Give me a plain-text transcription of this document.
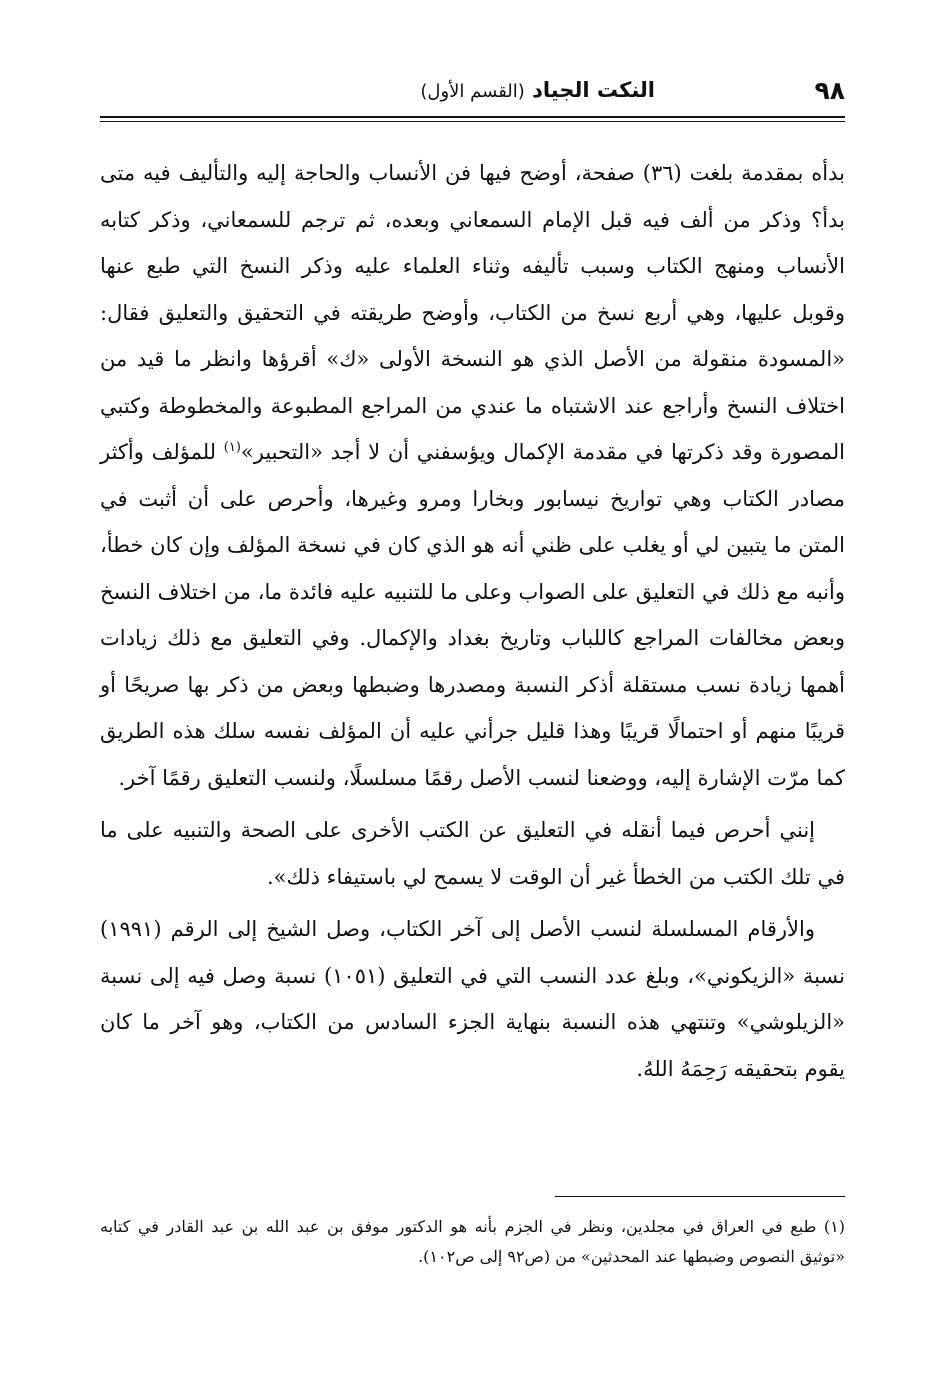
٩٨
النكت الجياد (القسم الأول)

بدأه بمقدمة بلغت (٣٦) صفحة، أوضح فيها فن الأنساب والحاجة إليه والتأليف فيه متى بدأ؟ وذكر من ألف فيه قبل الإمام السمعاني وبعده، ثم ترجم للسمعاني، وذكر كتابه الأنساب ومنهج الكتاب وسبب تأليفه وثناء العلماء عليه وذكر النسخ التي طبع عنها وقوبل عليها، وهي أربع نسخ من الكتاب، وأوضح طريقته في التحقيق والتعليق فقال: «المسودة منقولة من الأصل الذي هو النسخة الأولى «ك» أقرؤها وانظر ما قيد من اختلاف النسخ وأراجع عند الاشتباه ما عندي من المراجع المطبوعة والمخطوطة وكتبي المصورة وقد ذكرتها في مقدمة الإكمال ويؤسفني أن لا أجد «التحبير»$^{(١)}$ للمؤلف وأكثر مصادر الكتاب وهي تواريخ نيسابور وبخارا ومرو وغيرها، وأحرص على أن أثبت في المتن ما يتبين لي أو يغلب على ظني أنه هو الذي كان في نسخة المؤلف وإن كان خطأ، وأنبه مع ذلك في التعليق على الصواب وعلى ما للتنبيه عليه فائدة ما، من اختلاف النسخ وبعض مخالفات المراجع كاللباب وتاريخ بغداد والإكمال. وفي التعليق مع ذلك زيادات أهمها زيادة نسب مستقلة أذكر النسبة ومصدرها وضبطها وبعض من ذكر بها صريحًا أو قريبًا منهم أو احتمالًا قريبًا وهذا قليل جرأني عليه أن المؤلف نفسه سلك هذه الطريق كما مرّت الإشارة إليه، ووضعنا لنسب الأصل رقمًا مسلسلًا، ولنسب التعليق رقمًا آخر.

إنني أحرص فيما أنقله في التعليق عن الكتب الأخرى على الصحة والتنبيه على ما في تلك الكتب من الخطأ غير أن الوقت لا يسمح لي باستيفاء ذلك».

والأرقام المسلسلة لنسب الأصل إلى آخر الكتاب، وصل الشيخ إلى الرقم (١٩٩١) نسبة «الزيكوني»، وبلغ عدد النسب التي في التعليق (١٠٥١) نسبة وصل فيه إلى نسبة «الزيلوشي» وتنتهي هذه النسبة بنهاية الجزء السادس من الكتاب، وهو آخر ما كان يقوم بتحقيقه رَحِمَهُ اللهُ.

(١) طبع في العراق في مجلدين، ونظر في الجزم بأنه هو الدكتور موفق بن عبد الله بن عبد القادر في كتابه «توثيق النصوص وضبطها عند المحدثين» من (ص٩٢ إلى ص١٠٢).
